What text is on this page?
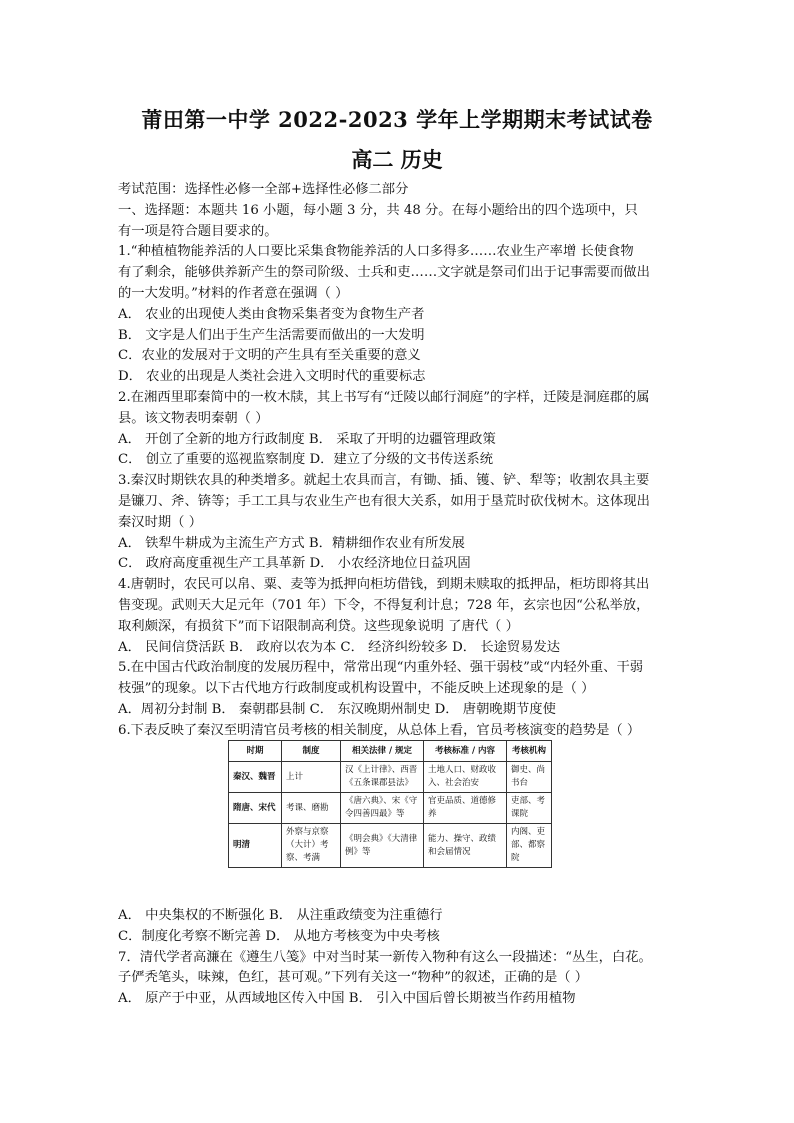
莆田第一中学 2022-2023 学年上学期期末考试试卷
高二 历史
考试范围：选择性必修一全部+选择性必修二部分
一、选择题：本题共 16 小题，每小题 3 分，共 48 分。在每小题给出的四个选项中，只
有一项是符合题目要求的。
1.“种植植物能养活的人口要比采集食物能养活的人口多得多……农业生产率增 长使食物
有了剩余，能够供养新产生的祭司阶级、士兵和吏……文字就是祭司们出于记事需要而做出
的一大发明。”材料的作者意在强调（ ）
A． 农业的出现使人类由食物采集者变为食物生产者
B． 文字是人们出于生产生活需要而做出的一大发明
C．农业的发展对于文明的产生具有至关重要的意义
D． 农业的出现是人类社会进入文明时代的重要标志
2.在湘西里耶秦简中的一枚木牍，其上书写有“迁陵以邮行洞庭”的字样，迁陵是洞庭郡的属
县。该文物表明秦朝（ ）
A． 开创了全新的地方行政制度 B． 采取了开明的边疆管理政策
C． 创立了重要的巡视监察制度 D．建立了分级的文书传送系统
3.秦汉时期铁农具的种类增多。就起土农具而言，有锄、插、镬、铲、犁等；收割农具主要
是镰刀、斧、锛等；手工工具与农业生产也有很大关系，如用于垦荒时砍伐树木。这体现出
秦汉时期（ ）
A． 铁犁牛耕成为主流生产方式 B．精耕细作农业有所发展
C． 政府高度重视生产工具革新 D． 小农经济地位日益巩固
4.唐朝时，农民可以帛、粟、麦等为抵押向柜坊借钱，到期未赎取的抵押品，柜坊即将其出
售变现。武则天大足元年（701 年）下令，不得复利计息；728 年，玄宗也因“公私举放，
取利颇深，有损贫下”而下诏限制高利贷。这些现象说明 了唐代（ ）
A． 民间信贷活跃 B． 政府以农为本 C． 经济纠纷较多 D． 长途贸易发达
5.在中国古代政治制度的发展历程中，常常出现“内重外轻、强干弱枝”或“内轻外重、干弱
枝强”的现象。以下古代地方行政制度或机构设置中，不能反映上述现象的是（ ）
A．周初分封制 B． 秦朝郡县制 C． 东汉晚期州制史 D． 唐朝晚期节度使
6.下表反映了秦汉至明清官员考核的相关制度，从总体上看，官员考核演变的趋势是（ ）
时期	制度	相关法律 / 规定	考核标准 / 内容	考核机构
秦汉、魏晋	上计	汉《上计律》、西晋《五条课郡县法》	土地人口、财政收入、社会治安	御史、尚书台
隋唐、宋代	考课、磨勘	《唐六典》、宋《守令四善四最》等	官吏品质、道德修养	吏部、考课院
明清	外察与京察（大计）考察、考满	《明会典》《大清律例》等	能力、操守、政绩和会届情况	内阁、吏部、都察院
A． 中央集权的不断强化 B． 从注重政绩变为注重德行
C．制度化考察不断完善 D． 从地方考核变为中央考核
7．清代学者高濂在《遵生八笺》中对当时某一新传入物种有这么一段描述：“丛生，白花。
子俨秃笔头，味辣，色红，甚可观。”下列有关这一“物种”的叙述，正确的是（ ）
A． 原产于中亚，从西域地区传入中国 B． 引入中国后曾长期被当作药用植物
